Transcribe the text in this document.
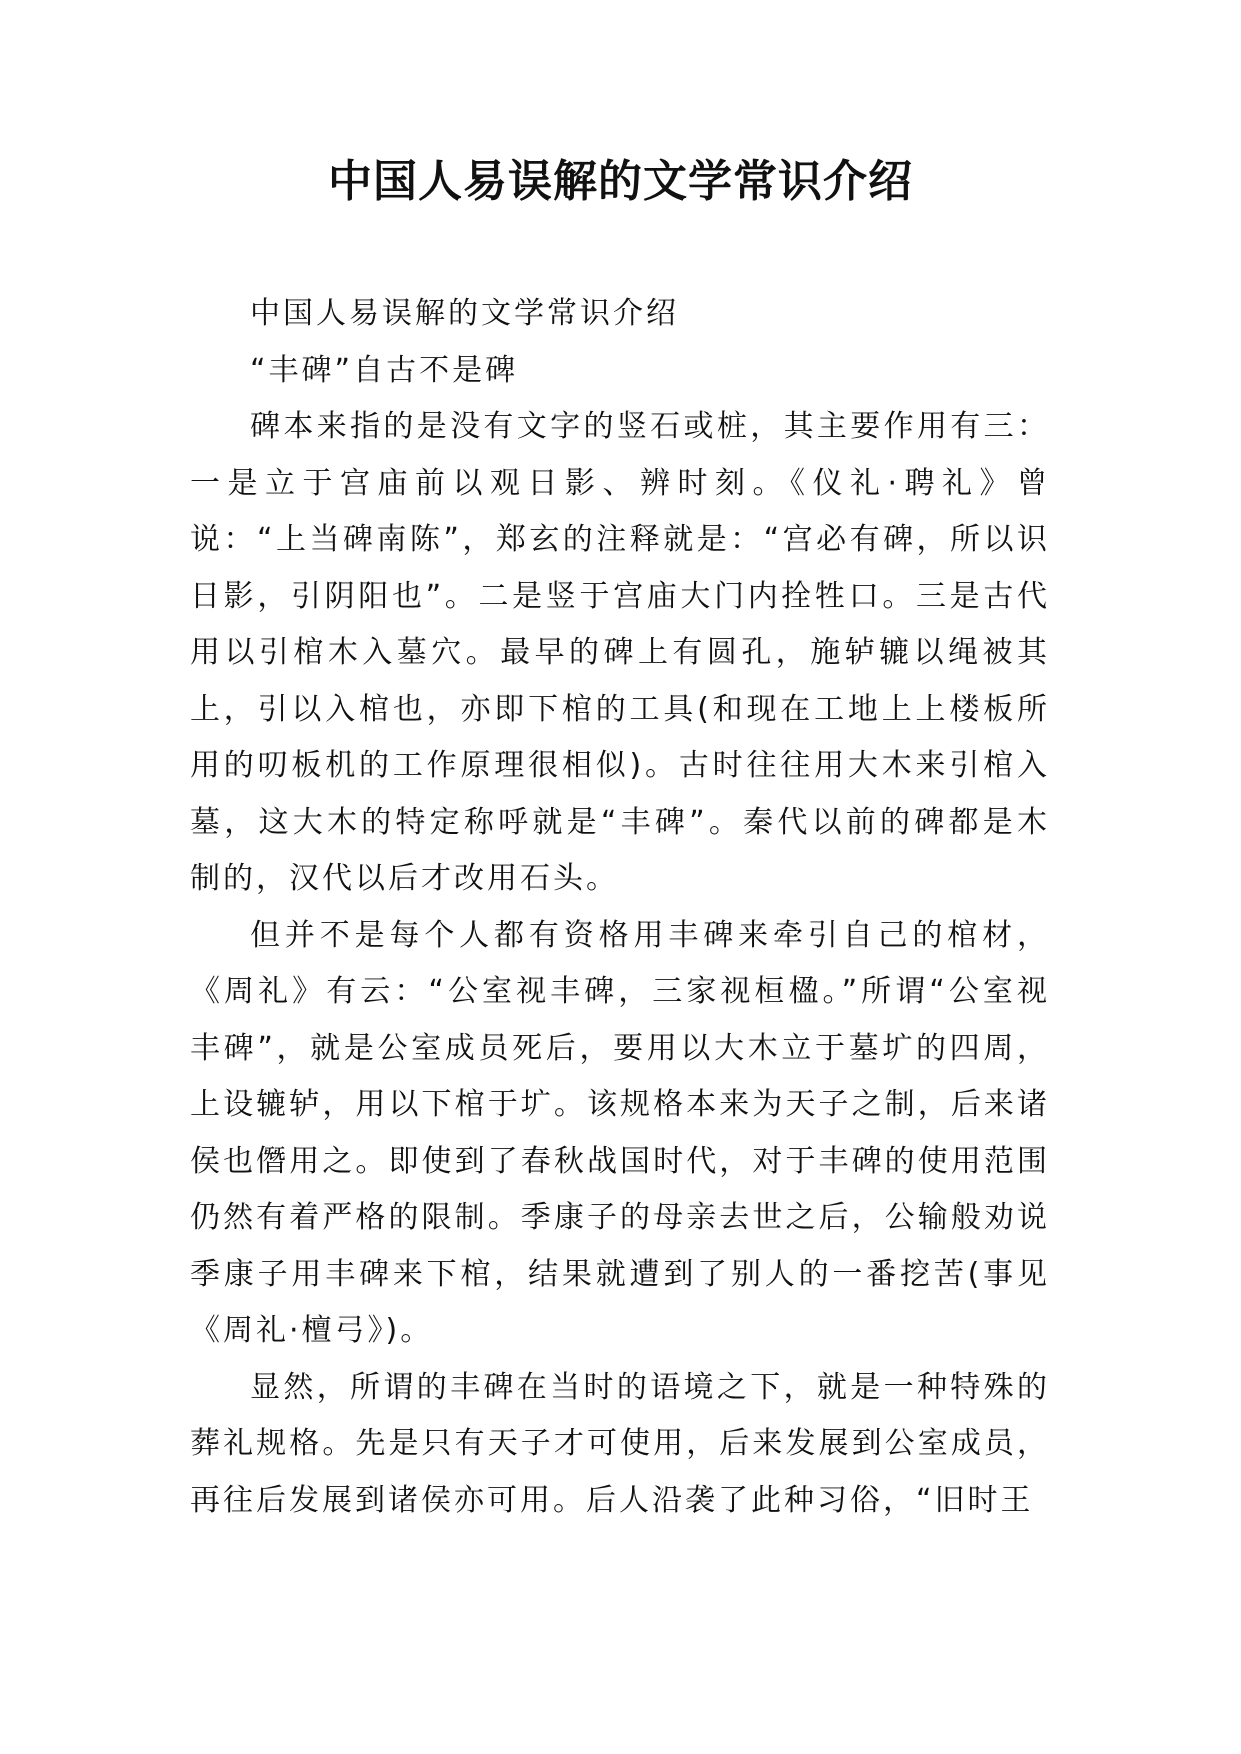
中国人易误解的文学常识介绍

中国人易误解的文学常识介绍

“丰碑”自古不是碑

碑本来指的是没有文字的竖石或桩，其主要作用有三：一是立于宫庙前以观日影、辨时刻。《仪礼·聘礼》曾说：“上当碑南陈”，郑玄的注释就是：“宫必有碑，所以识日影，引阴阳也”。二是竖于宫庙大门内拴牲口。三是古代用以引棺木入墓穴。最早的碑上有圆孔，施轳辘以绳被其上，引以入棺也，亦即下棺的工具(和现在工地上上楼板所用的叨板机的工作原理很相似)。古时往往用大木来引棺入墓，这大木的特定称呼就是“丰碑”。秦代以前的碑都是木制的，汉代以后才改用石头。

但并不是每个人都有资格用丰碑来牵引自己的棺材，《周礼》有云：“公室视丰碑，三家视桓楹。”所谓“公室视丰碑”，就是公室成员死后，要用以大木立于墓圹的四周，上设辘轳，用以下棺于圹。该规格本来为天子之制，后来诸侯也僭用之。即使到了春秋战国时代，对于丰碑的使用范围仍然有着严格的限制。季康子的母亲去世之后，公输般劝说季康子用丰碑来下棺，结果就遭到了别人的一番挖苦(事见《周礼·檀弓》)。

显然，所谓的丰碑在当时的语境之下，就是一种特殊的葬礼规格。先是只有天子才可使用，后来发展到公室成员，再往后发展到诸侯亦可用。后人沿袭了此种习俗，“旧时王
